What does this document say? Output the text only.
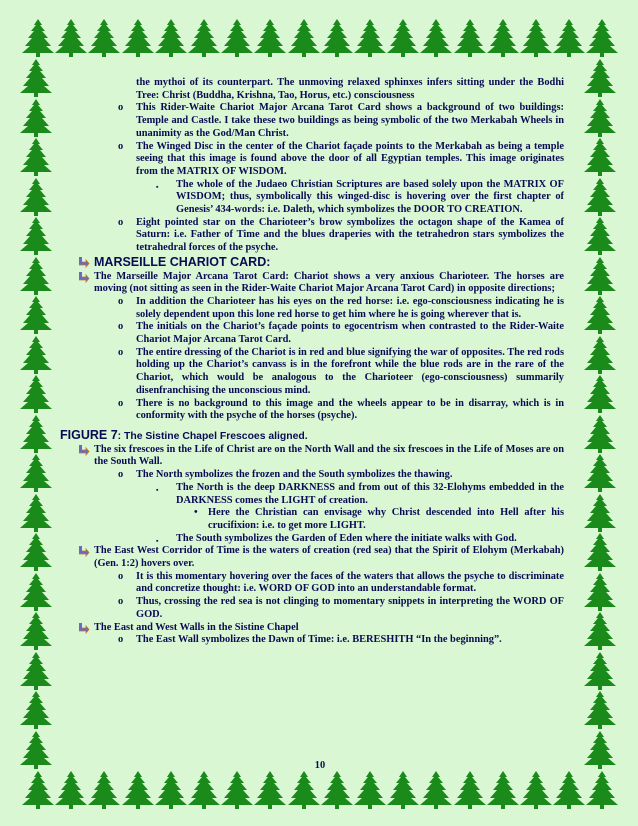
the mythoi of its counterpart. The unmoving relaxed sphinxes infers sitting under the Bodhi Tree: Christ (Buddha, Krishna, Tao, Horus, etc.) consciousness

o This Rider-Waite Chariot Major Arcana Tarot Card shows a background of two buildings: Temple and Castle. I take these two buildings as being symbolic of the two Merkabah Wheels in unanimity as the God/Man Christ.

o The Winged Disc in the center of the Chariot façade points to the Merkabah as being a temple seeing that this image is found above the door of all Egyptian temples. This image originates from the MATRIX OF WISDOM.

▪ The whole of the Judaeo Christian Scriptures are based solely upon the MATRIX OF WISDOM; thus, symbolically this winged-disc is hovering over the first chapter of Genesis’ 434-words: i.e. Daleth, which symbolizes the DOOR TO CREATION.

o Eight pointed star on the Charioteer’s brow symbolizes the octagon shape of the Kamea of Saturn: i.e. Father of Time and the blues draperies with the tetrahedron stars symbolizes the tetrahedral forces of the psyche.

MARSEILLE CHARIOT CARD:

The Marseille Major Arcana Tarot Card: Chariot shows a very anxious Charioteer. The horses are moving (not sitting as seen in the Rider-Waite Chariot Major Arcana Tarot Card) in opposite directions;

o In addition the Charioteer has his eyes on the red horse: i.e. ego-consciousness indicating he is solely dependent upon this lone red horse to get him where he is going wherever that is.

o The initials on the Chariot’s façade points to egocentrism when contrasted to the Rider-Waite Chariot Major Arcana Tarot Card.

o The entire dressing of the Chariot is in red and blue signifying the war of opposites. The red rods holding up the Chariot’s canvass is in the forefront while the blue rods are in the rare of the Chariot, which would be analogous to the Charioteer (ego-consciousness) summarily disenfranchising the unconscious mind.

o There is no background to this image and the wheels appear to be in disarray, which is in conformity with the psyche of the horses (psyche).

FIGURE 7: The Sistine Chapel Frescoes aligned.

The six frescoes in the Life of Christ are on the North Wall and the six frescoes in the Life of Moses are on the South Wall.

o The North symbolizes the frozen and the South symbolizes the thawing.

▪ The North is the deep DARKNESS and from out of this 32-Elohyms embedded in the DARKNESS comes the LIGHT of creation.

• Here the Christian can envisage why Christ descended into Hell after his crucifixion: i.e. to get more LIGHT.

▪ The South symbolizes the Garden of Eden where the initiate walks with God.

The East West Corridor of Time is the waters of creation (red sea) that the Spirit of Elohym (Merkabah) (Gen. 1:2) hovers over.

o It is this momentary hovering over the faces of the waters that allows the psyche to discriminate and concretize thought: i.e. WORD OF GOD into an understandable format.

o Thus, crossing the red sea is not clinging to momentary snippets in interpreting the WORD OF GOD.

The East and West Walls in the Sistine Chapel

o The East Wall symbolizes the Dawn of Time: i.e. BERESHITH “In the beginning”.

10
